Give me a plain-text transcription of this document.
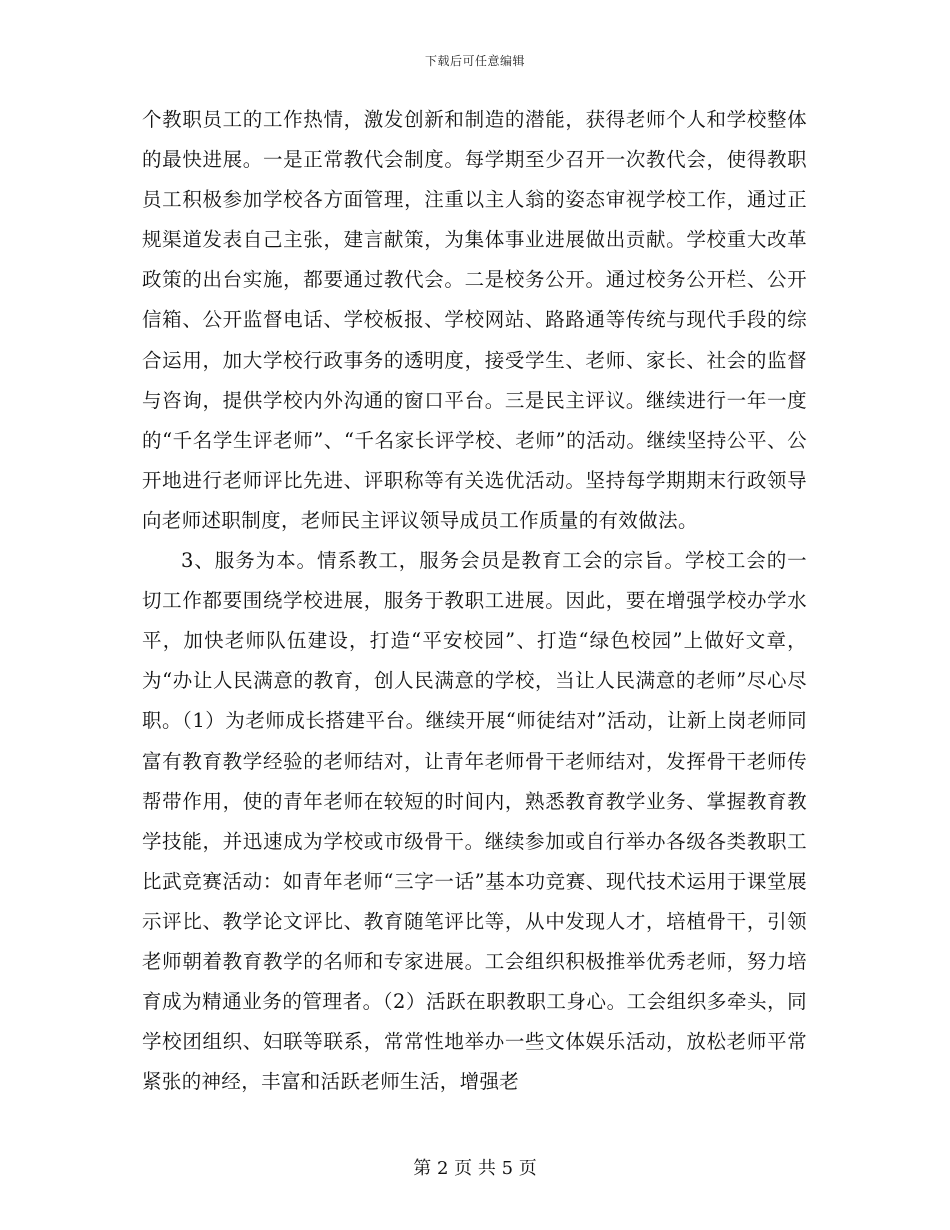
下载后可任意编辑

个教职员工的工作热情，激发创新和制造的潜能，获得老师个人和学校整体的最快进展。一是正常教代会制度。每学期至少召开一次教代会，使得教职员工积极参加学校各方面管理，注重以主人翁的姿态审视学校工作，通过正规渠道发表自己主张，建言献策，为集体事业进展做出贡献。学校重大改革政策的出台实施，都要通过教代会。二是校务公开。通过校务公开栏、公开信箱、公开监督电话、学校板报、学校网站、路路通等传统与现代手段的综合运用，加大学校行政事务的透明度，接受学生、老师、家长、社会的监督与咨询，提供学校内外沟通的窗口平台。三是民主评议。继续进行一年一度的“千名学生评老师”、“千名家长评学校、老师”的活动。继续坚持公平、公开地进行老师评比先进、评职称等有关选优活动。坚持每学期期末行政领导向老师述职制度，老师民主评议领导成员工作质量的有效做法。

3、服务为本。情系教工，服务会员是教育工会的宗旨。学校工会的一切工作都要围绕学校进展，服务于教职工进展。因此，要在增强学校办学水平，加快老师队伍建设，打造“平安校园”、打造“绿色校园”上做好文章，为“办让人民满意的教育，创人民满意的学校，当让人民满意的老师”尽心尽职。（1）为老师成长搭建平台。继续开展“师徒结对”活动，让新上岗老师同富有教育教学经验的老师结对，让青年老师骨干老师结对，发挥骨干老师传帮带作用，使的青年老师在较短的时间内，熟悉教育教学业务、掌握教育教学技能，并迅速成为学校或市级骨干。继续参加或自行举办各级各类教职工比武竞赛活动：如青年老师“三字一话”基本功竞赛、现代技术运用于课堂展示评比、教学论文评比、教育随笔评比等，从中发现人才，培植骨干，引领老师朝着教育教学的名师和专家进展。工会组织积极推举优秀老师，努力培育成为精通业务的管理者。（2）活跃在职教职工身心。工会组织多牵头，同学校团组织、妇联等联系，常常性地举办一些文体娱乐活动，放松老师平常紧张的神经，丰富和活跃老师生活，增强老

第 2 页 共 5 页
